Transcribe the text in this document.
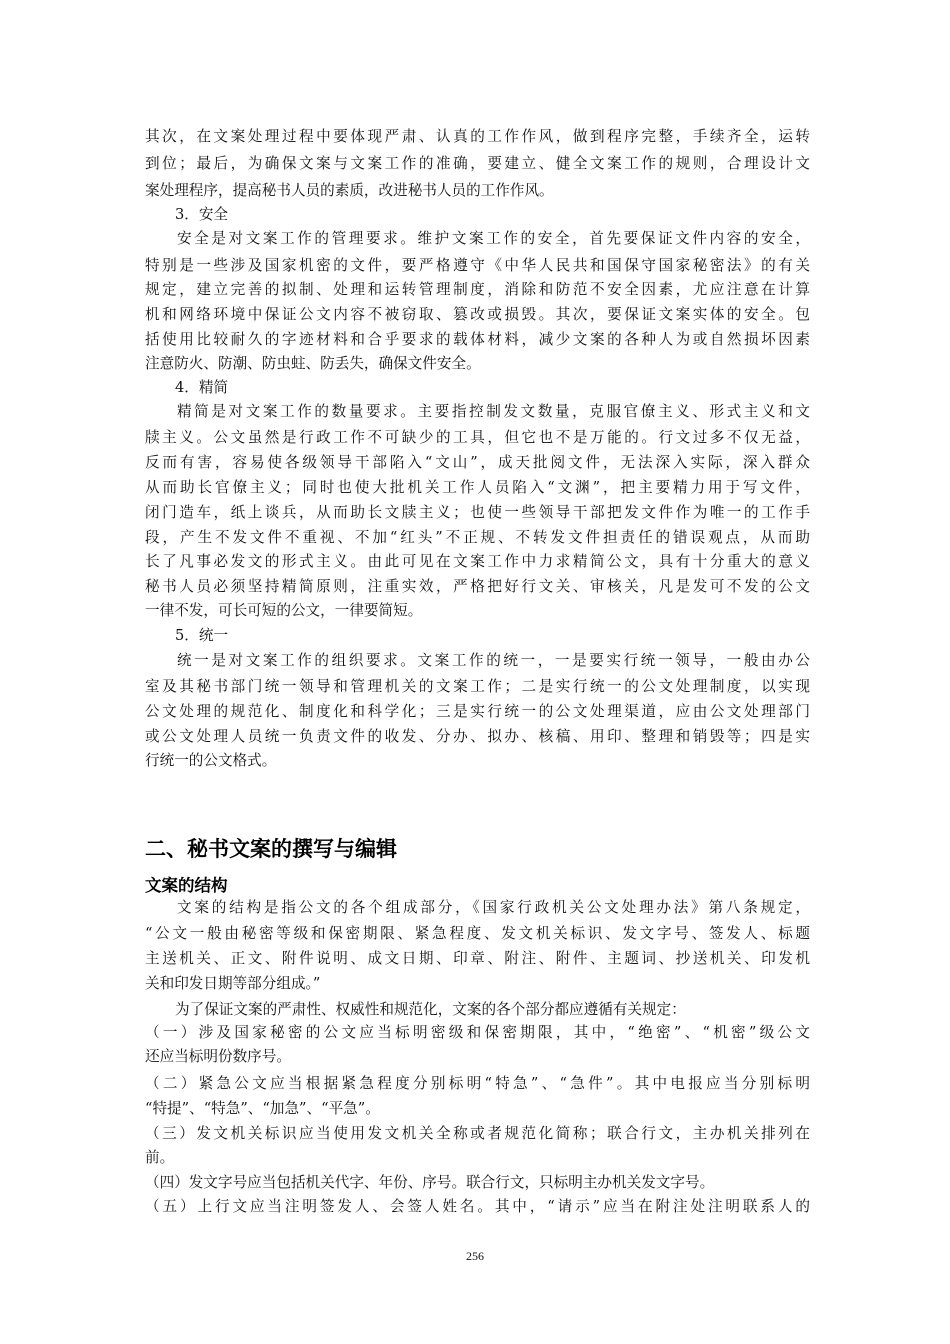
其次，在文案处理过程中要体现严肃、认真的工作作风，做到程序完整，手续齐全，运转
到位；最后，为确保文案与文案工作的准确，要建立、健全文案工作的规则，合理设计文
案处理程序，提高秘书人员的素质，改进秘书人员的工作作风。
3．安全
安全是对文案工作的管理要求。维护文案工作的安全，首先要保证文件内容的安全，
特别是一些涉及国家机密的文件，要严格遵守《中华人民共和国保守国家秘密法》的有关
规定，建立完善的拟制、处理和运转管理制度，消除和防范不安全因素，尤应注意在计算
机和网络环境中保证公文内容不被窃取、篡改或损毁。其次，要保证文案实体的安全。包
括使用比较耐久的字迹材料和合乎要求的载体材料，减少文案的各种人为或自然损坏因素
注意防火、防潮、防虫蛀、防丢失，确保文件安全。
4．精简
精简是对文案工作的数量要求。主要指控制发文数量，克服官僚主义、形式主义和文
牍主义。公文虽然是行政工作不可缺少的工具，但它也不是万能的。行文过多不仅无益，
反而有害，容易使各级领导干部陷入“文山”，成天批阅文件，无法深入实际，深入群众
从而助长官僚主义；同时也使大批机关工作人员陷入“文渊”，把主要精力用于写文件，
闭门造车，纸上谈兵，从而助长文牍主义；也使一些领导干部把发文件作为唯一的工作手
段，产生不发文件不重视、不加“红头”不正规、不转发文件担责任的错误观点，从而助
长了凡事必发文的形式主义。由此可见在文案工作中力求精简公文，具有十分重大的意义
秘书人员必须坚持精简原则，注重实效，严格把好行文关、审核关，凡是发可不发的公文
一律不发，可长可短的公文，一律要简短。
5．统一
统一是对文案工作的组织要求。文案工作的统一，一是要实行统一领导，一般由办公
室及其秘书部门统一领导和管理机关的文案工作；二是实行统一的公文处理制度，以实现
公文处理的规范化、制度化和科学化；三是实行统一的公文处理渠道，应由公文处理部门
或公文处理人员统一负责文件的收发、分办、拟办、核稿、用印、整理和销毁等；四是实
行统一的公文格式。
二、秘书文案的撰写与编辑
文案的结构
文案的结构是指公文的各个组成部分，《国家行政机关公文处理办法》第八条规定，
“公文一般由秘密等级和保密期限、紧急程度、发文机关标识、发文字号、签发人、标题
主送机关、正文、附件说明、成文日期、印章、附注、附件、主题词、抄送机关、印发机
关和印发日期等部分组成。”
为了保证文案的严肃性、权威性和规范化，文案的各个部分都应遵循有关规定：
（一）涉及国家秘密的公文应当标明密级和保密期限，其中，“绝密”、“机密”级公文
还应当标明份数序号。
（二）紧急公文应当根据紧急程度分别标明“特急”、“急件”。其中电报应当分别标明
“特提”、“特急”、“加急”、“平急”。
（三）发文机关标识应当使用发文机关全称或者规范化简称；联合行文，主办机关排列在
前。
（四）发文字号应当包括机关代字、年份、序号。联合行文，只标明主办机关发文字号。
（五）上行文应当注明签发人、会签人姓名。其中，“请示”应当在附注处注明联系人的
256
